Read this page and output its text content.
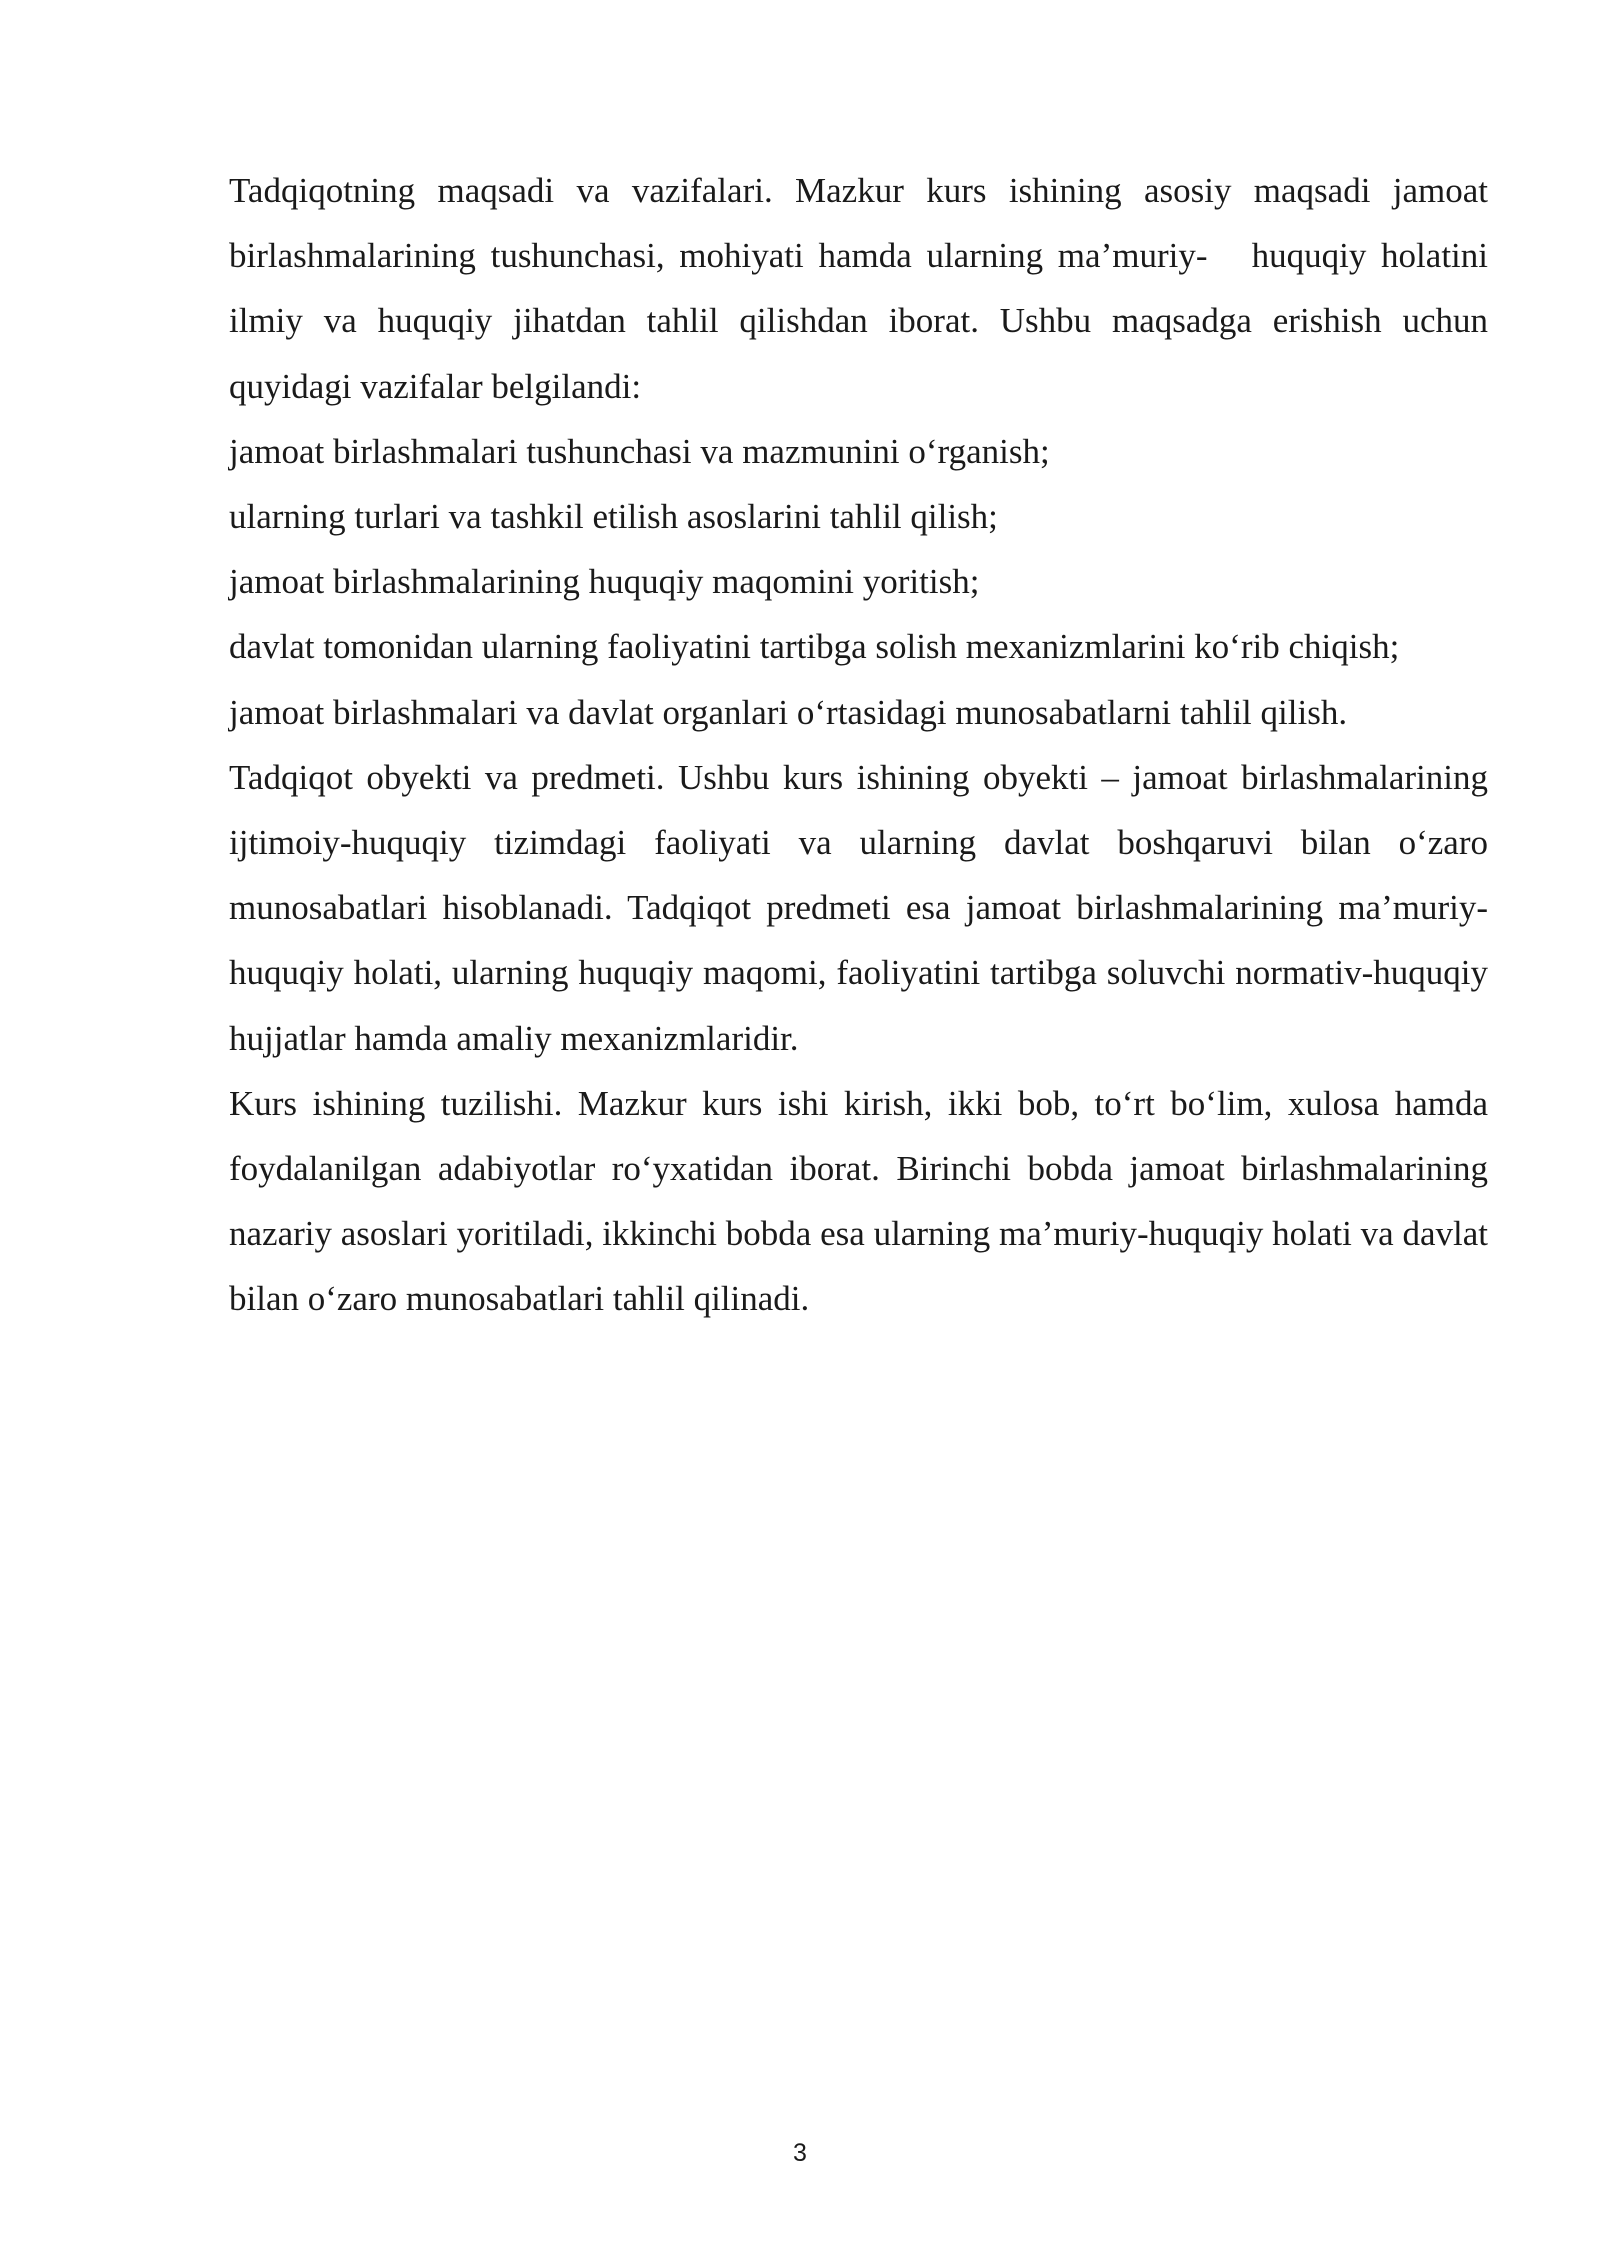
Tadqiqotning maqsadi va vazifalari. Mazkur kurs ishining asosiy maqsadi jamoat birlashmalarining tushunchasi, mohiyati hamda ularning ma’muriy-   huquqiy holatini ilmiy va huquqiy jihatdan tahlil qilishdan iborat. Ushbu maqsadga erishish uchun quyidagi vazifalar belgilandi:

jamoat birlashmalari tushunchasi va mazmunini o‘rganish;

ularning turlari va tashkil etilish asoslarini tahlil qilish;

jamoat birlashmalarining huquqiy maqomini yoritish;

davlat tomonidan ularning faoliyatini tartibga solish mexanizmlarini ko‘rib chiqish;

jamoat birlashmalari va davlat organlari o‘rtasidagi munosabatlarni tahlil qilish.

Tadqiqot obyekti va predmeti. Ushbu kurs ishining obyekti – jamoat birlashmalarining ijtimoiy-huquqiy tizimdagi faoliyati va ularning davlat boshqaruvi bilan o‘zaro munosabatlari hisoblanadi. Tadqiqot predmeti esa jamoat birlashmalarining ma’muriy-huquqiy holati, ularning huquqiy maqomi, faoliyatini tartibga soluvchi normativ-huquqiy hujjatlar hamda amaliy mexanizmlaridir.

Kurs ishining tuzilishi. Mazkur kurs ishi kirish, ikki bob, to‘rt bo‘lim, xulosa hamda foydalanilgan adabiyotlar ro‘yxatidan iborat. Birinchi bobda jamoat birlashmalarining nazariy asoslari yoritiladi, ikkinchi bobda esa ularning ma’muriy-huquqiy holati va davlat bilan o‘zaro munosabatlari tahlil qilinadi.

3
